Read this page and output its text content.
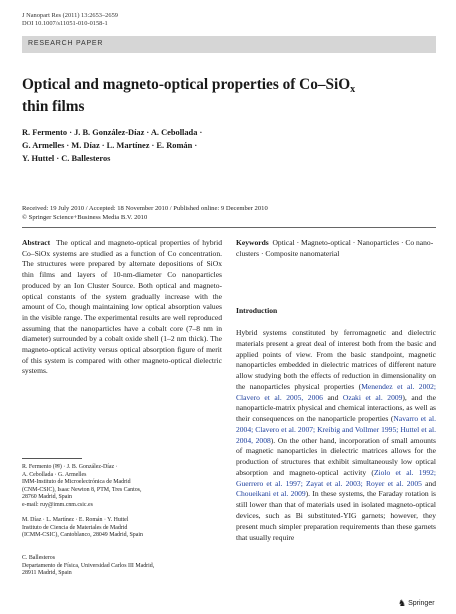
J Nanopart Res (2011) 13:2653–2659
DOI 10.1007/s11051-010-0158-1
RESEARCH PAPER
Optical and magneto-optical properties of Co–SiO$_x$ thin films
R. Fermento · J. B. González-Díaz · A. Cebollada ·
G. Armelles · M. Díaz · L. Martínez · E. Román ·
Y. Huttel · C. Ballesteros
Received: 19 July 2010 / Accepted: 18 November 2010 / Published online: 9 December 2010
© Springer Science+Business Media B.V. 2010
Abstract The optical and magneto-optical properties of hybrid Co–SiOx systems are studied as a function of Co concentration. The structures were prepared by alternate depositions of SiOx thin films and layers of 10-nm-diameter Co nanoparticles produced by an Ion Cluster Source. Both optical and magneto-optical constants of the system gradually increase with the amount of Co, though maintaining low optical absorption values in the visible range. The experimental results are well reproduced assuming that the nanoparticles have a cobalt core (7–8 nm in diameter) surrounded by a cobalt oxide shell (1–2 nm thick). The magneto-optical activity versus optical absorption figure of merit of this system is compared with other magneto-optical dielectric systems.
Keywords Optical · Magneto-optical · Nanoparticles · Co nano-clusters · Composite nanomaterial
Introduction
Hybrid systems constituted by ferromagnetic and dielectric materials present a great deal of interest both from the basic and applied points of view. From the basic standpoint, magnetic nanoparticles embedded in dielectric matrices of different nature allow studying both the effects of reduction in dimensionality on the nanoparticles physical properties (Menendez et al. 2002; Clavero et al. 2005, 2006 and Ozaki et al. 2009), and the nanoparticle-matrix physical and chemical interactions, as well as their consequences on the nanoparticle properties (Navarro et al. 2004; Clavero et al. 2007; Kreibig and Vollmer 1995; Huttel et al. 2004, 2008). On the other hand, incorporation of small amounts of magnetic nanoparticles in dielectric matrices allows for the production of structures that exhibit simultaneously low optical absorption and magneto-optical activity (Ziolo et al. 1992; Guerrero et al. 1997; Zayat et al. 2003; Royer et al. 2005 and Choueikani et al. 2009). In these systems, the Faraday rotation is still lower than that of materials used in isolated magneto-optical devices, such as Bi substituted-YIG garnets; however, they present much simpler preparation requirements than these garnets that usually require
R. Fermento (✉) · J. B. González-Díaz ·
A. Cebollada · G. Armelles
IMM-Instituto de Microelectrónica de Madrid
(CNM-CSIC), Isaac Newton 8, PTM, Tres Cantos,
28760 Madrid, Spain
e-mail: ruy@imm.cnm.csic.es
M. Díaz · L. Martínez · E. Román · Y. Huttel
Instituto de Ciencia de Materiales de Madrid
(ICMM-CSIC), Cantoblanco, 28049 Madrid, Spain
C. Ballesteros
Departamento de Física, Universidad Carlos III Madrid,
28911 Madrid, Spain
♞ Springer
